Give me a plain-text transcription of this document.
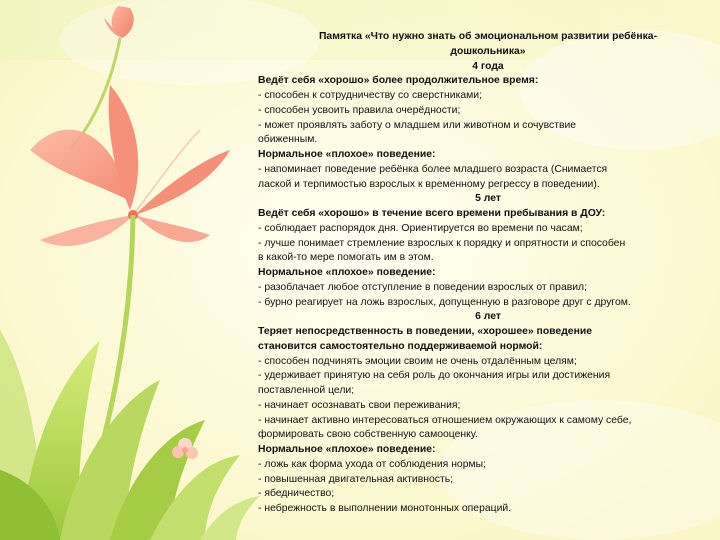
Памятка «Что нужно знать об эмоциональном развитии ребёнка-
дошкольника»
4 года
Ведёт себя «хорошо» более продолжительное время:
- способен к сотрудничеству со сверстниками;
- способен усвоить правила очерёдности;
- может проявлять заботу о младшем или животном и сочувствие
обиженным.
Нормальное «плохое» поведение:
- напоминает поведение ребёнка более младшего возраста (Снимается
лаской и терпимостью взрослых к временному регрессу в поведении).
5 лет
Ведёт себя «хорошо» в течение всего времени пребывания в ДОУ:
- соблюдает распорядок дня. Ориентируется во времени по часам;
- лучше понимает стремление взрослых к порядку и опрятности и способен
в какой-то мере помогать им в этом.
Нормальное «плохое» поведение:
- разоблачает любое отступление в поведении взрослых от правил;
- бурно реагирует на ложь взрослых, допущенную в разговоре друг с другом.
6 лет
Теряет непосредственность в поведении, «хорошее» поведение
становится самостоятельно поддерживаемой нормой:
- способен подчинять эмоции своим не очень отдалённым целям;
- удерживает принятую на себя роль до окончания игры или достижения
поставленной цели;
- начинает осознавать свои переживания;
- начинает активно интересоваться отношением окружающих к самому себе,
формировать свою собственную самооценку.
Нормальное «плохое» поведение:
- ложь как форма ухода от соблюдения нормы;
- повышенная двигательная активность;
- ябедничество;
- небрежность в выполнении монотонных операций.
